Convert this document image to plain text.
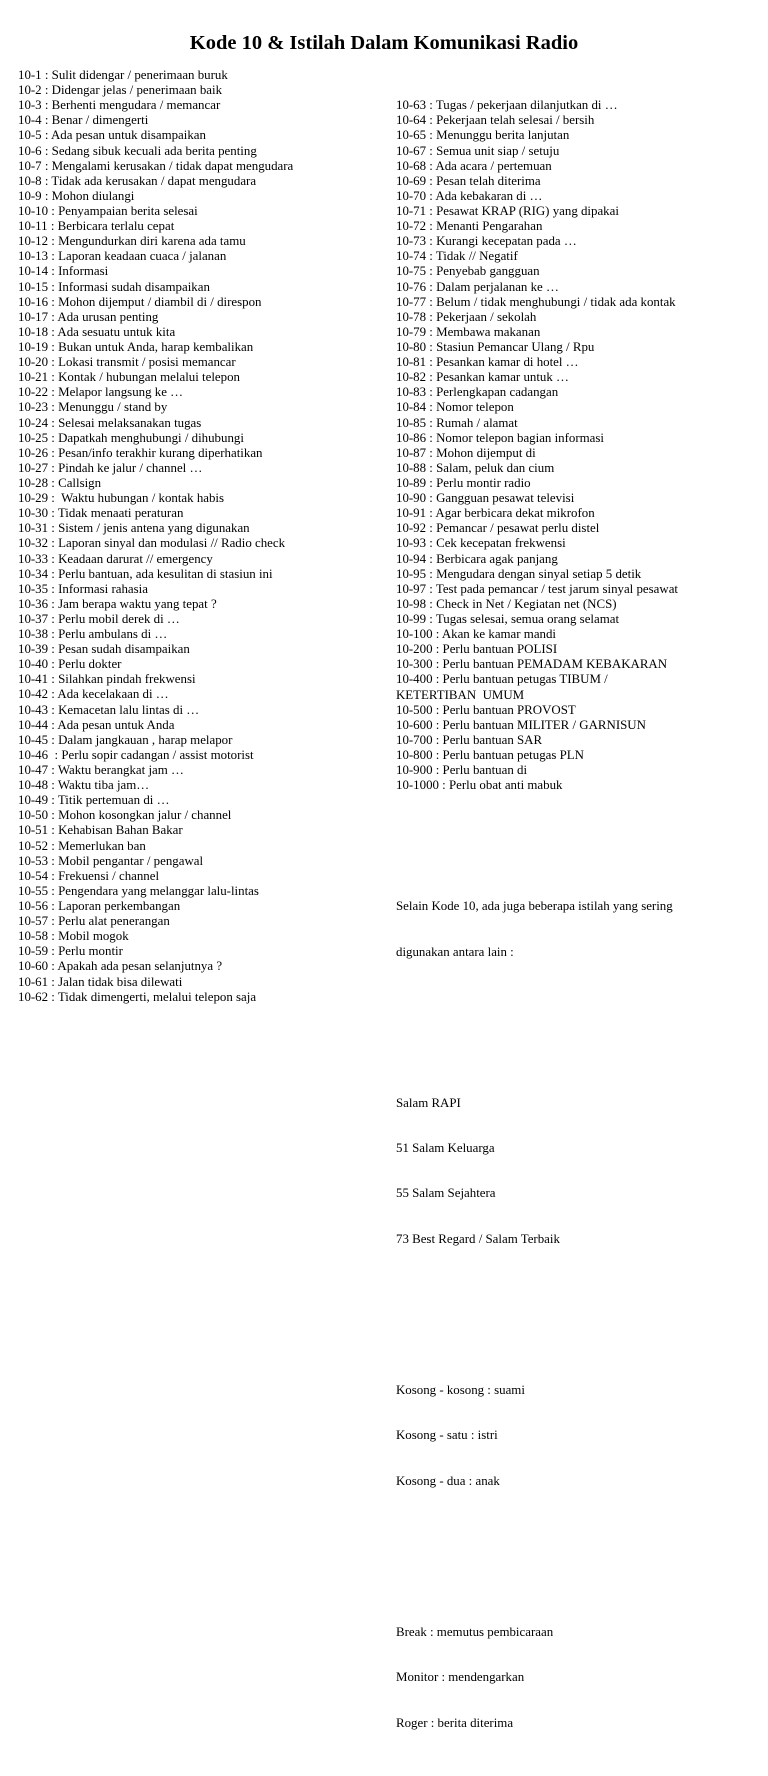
Kode 10 & Istilah Dalam Komunikasi Radio
10-1 : Sulit didengar / penerimaan buruk
10-2 : Didengar jelas / penerimaan baik
10-3 : Berhenti mengudara / memancar
10-4 : Benar / dimengerti
10-5 : Ada pesan untuk disampaikan
10-6 : Sedang sibuk kecuali ada berita penting
10-7 : Mengalami kerusakan / tidak dapat mengudara
10-8 : Tidak ada kerusakan / dapat mengudara
10-9 : Mohon diulangi
10-10 : Penyampaian berita selesai
10-11 : Berbicara terlalu cepat
10-12 : Mengundurkan diri karena ada tamu
10-13 : Laporan keadaan cuaca / jalanan
10-14 : Informasi
10-15 : Informasi sudah disampaikan
10-16 : Mohon dijemput / diambil di / direspon
10-17 : Ada urusan penting
10-18 : Ada sesuatu untuk kita
10-19 : Bukan untuk Anda, harap kembalikan
10-20 : Lokasi transmit / posisi memancar
10-21 : Kontak / hubungan melalui telepon
10-22 : Melapor langsung ke …
10-23 : Menunggu / stand by
10-24 : Selesai melaksanakan tugas
10-25 : Dapatkah menghubungi / dihubungi
10-26 : Pesan/info terakhir kurang diperhatikan
10-27 : Pindah ke jalur / channel …
10-28 : Callsign
10-29 :  Waktu hubungan / kontak habis
10-30 : Tidak menaati peraturan
10-31 : Sistem / jenis antena yang digunakan
10-32 : Laporan sinyal dan modulasi // Radio check
10-33 : Keadaan darurat // emergency
10-34 : Perlu bantuan, ada kesulitan di stasiun ini
10-35 : Informasi rahasia
10-36 : Jam berapa waktu yang tepat ?
10-37 : Perlu mobil derek di …
10-38 : Perlu ambulans di …
10-39 : Pesan sudah disampaikan
10-40 : Perlu dokter
10-41 : Silahkan pindah frekwensi
10-42 : Ada kecelakaan di …
10-43 : Kemacetan lalu lintas di …
10-44 : Ada pesan untuk Anda
10-45 : Dalam jangkauan , harap melapor
10-46  : Perlu sopir cadangan / assist motorist
10-47 : Waktu berangkat jam …
10-48 : Waktu tiba jam…
10-49 : Titik pertemuan di …
10-50 : Mohon kosongkan jalur / channel
10-51 : Kehabisan Bahan Bakar
10-52 : Memerlukan ban
10-53 : Mobil pengantar / pengawal
10-54 : Frekuensi / channel
10-55 : Pengendara yang melanggar lalu-lintas
10-56 : Laporan perkembangan
10-57 : Perlu alat penerangan
10-58 : Mobil mogok
10-59 : Perlu montir
10-60 : Apakah ada pesan selanjutnya ?
10-61 : Jalan tidak bisa dilewati
10-62 : Tidak dimengerti, melalui telepon saja

10-63 : Tugas / pekerjaan dilanjutkan di …
10-64 : Pekerjaan telah selesai / bersih
10-65 : Menunggu berita lanjutan
10-67 : Semua unit siap / setuju
10-68 : Ada acara / pertemuan
10-69 : Pesan telah diterima
10-70 : Ada kebakaran di …
10-71 : Pesawat KRAP (RIG) yang dipakai
10-72 : Menanti Pengarahan
10-73 : Kurangi kecepatan pada …
10-74 : Tidak // Negatif
10-75 : Penyebab gangguan
10-76 : Dalam perjalanan ke …
10-77 : Belum / tidak menghubungi / tidak ada kontak
10-78 : Pekerjaan / sekolah
10-79 : Membawa makanan
10-80 : Stasiun Pemancar Ulang / Rpu
10-81 : Pesankan kamar di hotel …
10-82 : Pesankan kamar untuk …
10-83 : Perlengkapan cadangan
10-84 : Nomor telepon
10-85 : Rumah / alamat
10-86 : Nomor telepon bagian informasi
10-87 : Mohon dijemput di
10-88 : Salam, peluk dan cium
10-89 : Perlu montir radio
10-90 : Gangguan pesawat televisi
10-91 : Agar berbicara dekat mikrofon
10-92 : Pemancar / pesawat perlu distel
10-93 : Cek kecepatan frekwensi
10-94 : Berbicara agak panjang
10-95 : Mengudara dengan sinyal setiap 5 detik
10-97 : Test pada pemancar / test jarum sinyal pesawat
10-98 : Check in Net / Kegiatan net (NCS)
10-99 : Tugas selesai, semua orang selamat
10-100 : Akan ke kamar mandi
10-200 : Perlu bantuan POLISI
10-300 : Perlu bantuan PEMADAM KEBAKARAN
10-400 : Perlu bantuan petugas TIBUM /
KETERTIBAN  UMUM
10-500 : Perlu bantuan PROVOST
10-600 : Perlu bantuan MILITER / GARNISUN
10-700 : Perlu bantuan SAR
10-800 : Perlu bantuan petugas PLN
10-900 : Perlu bantuan di
10-1000 : Perlu obat anti mabuk

Selain Kode 10, ada juga beberapa istilah yang sering

digunakan antara lain :

Salam RAPI

51 Salam Keluarga

55 Salam Sejahtera

73 Best Regard / Salam Terbaik

Kosong - kosong : suami

Kosong - satu : istri

Kosong - dua : anak

Break : memutus pembicaraan

Monitor : mendengarkan

Roger : berita diterima
